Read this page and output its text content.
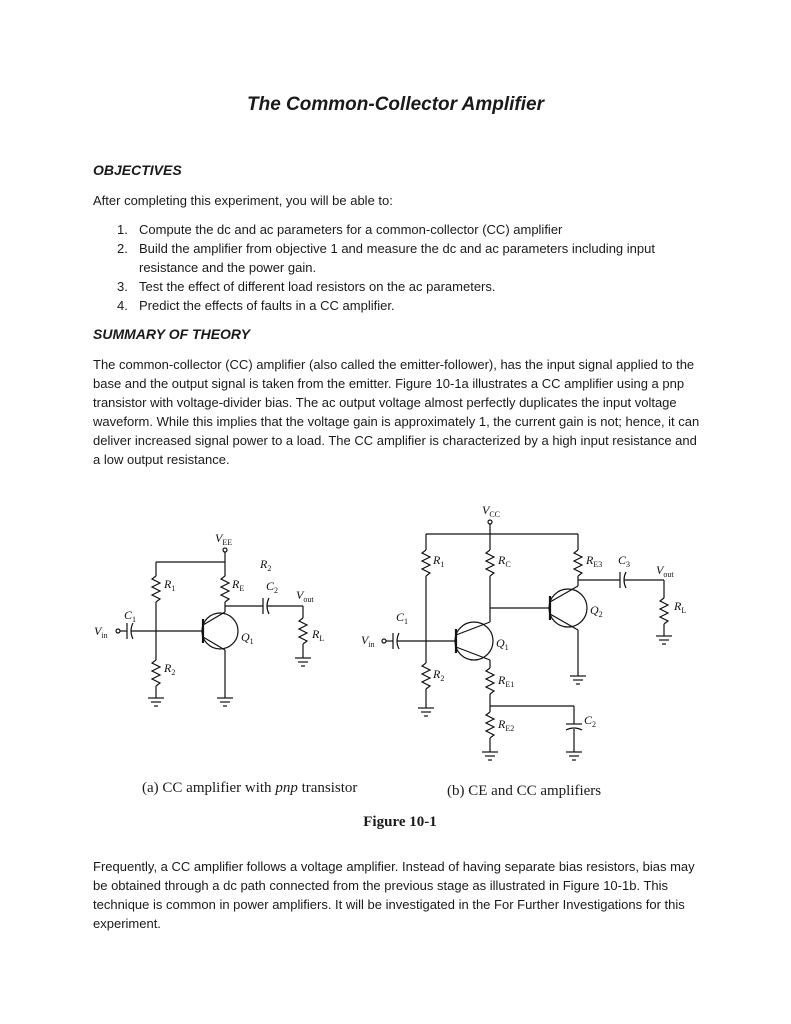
The Common-Collector Amplifier
OBJECTIVES

After completing this experiment, you will be able to:

1. Compute the dc and ac parameters for a common-collector (CC) amplifier
2. Build the amplifier from objective 1 and measure the dc and ac parameters including input resistance and the power gain.
3. Test the effect of different load resistors on the ac parameters.
4. Predict the effects of faults in a CC amplifier.
SUMMARY OF THEORY

The common-collector (CC) amplifier (also called the emitter-follower), has the input signal applied to the base and the output signal is taken from the emitter. Figure 10-1a illustrates a CC amplifier using a pnp transistor with voltage-divider bias. The ac output voltage almost perfectly duplicates the input voltage waveform. While this implies that the voltage gain is approximately 1, the current gain is not; hence, it can deliver increased signal power to a load. The CC amplifier is characterized by a high input resistance and a low output resistance.

$V_{EE}$
$R_1$
$R_2$
$R_E$ $C_2$ $V_{out}$
$C_1$
$V_{in}$	$Q_1$
$R_L$
$R_2$
$V_{CC}$
$R_1$	$R_C$	$R_{E3}$ $C_3$ $V_{out}$
$R_L$
$Q_2$
$C_1$
$V_{in}$	$Q_1$
$R_2$	$R_{E1}$
$R_{E2}$
$C_2$
(a) CC amplifier with pnp transistor	(b) CE and CC amplifiers
Figure 10-1

Frequently, a CC amplifier follows a voltage amplifier. Instead of having separate bias resistors, bias may be obtained through a dc path connected from the previous stage as illustrated in Figure 10-1b. This technique is common in power amplifiers. It will be investigated in the For Further Investigations for this experiment.
